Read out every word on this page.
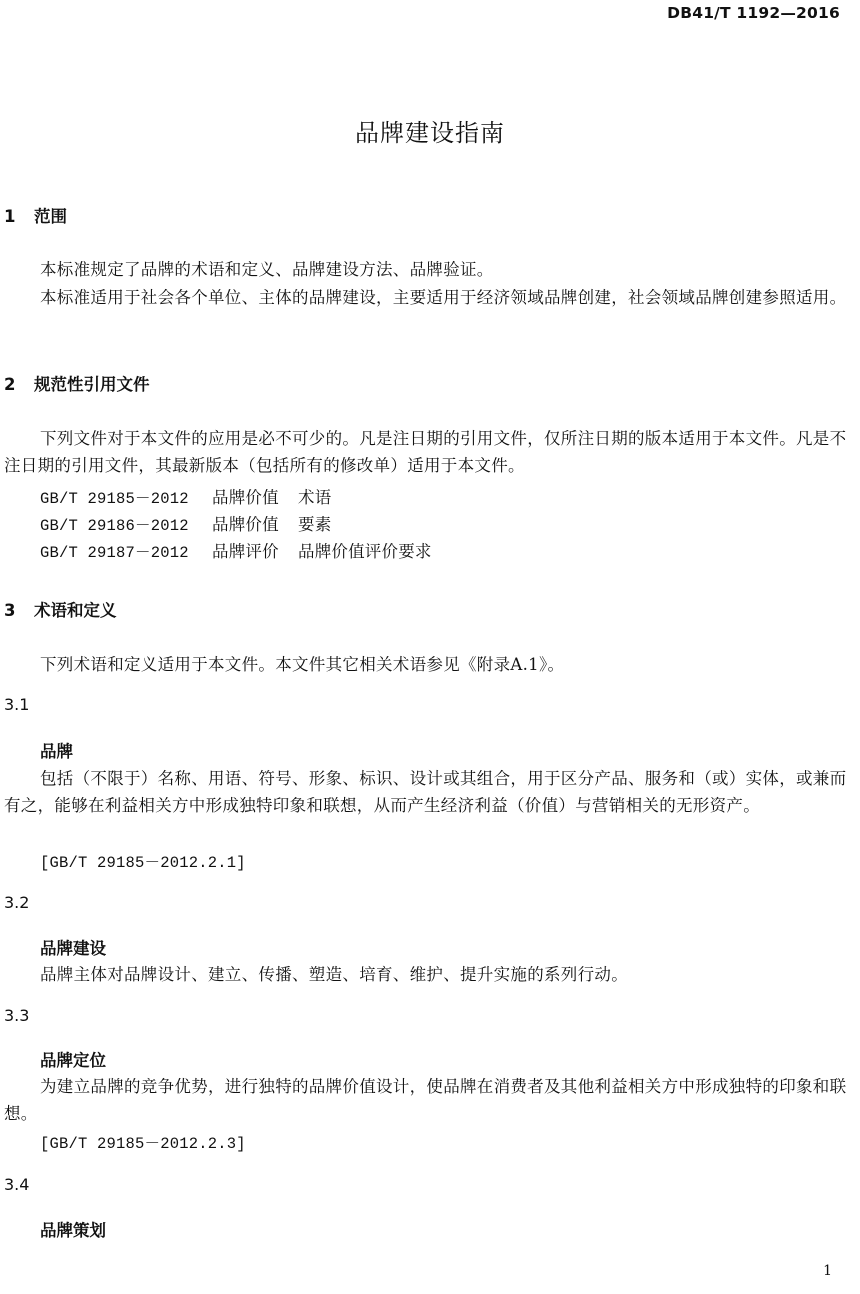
DB41/T 1192—2016
品牌建设指南
1 范围
本标准规定了品牌的术语和定义、品牌建设方法、品牌验证。
本标准适用于社会各个单位、主体的品牌建设，主要适用于经济领域品牌创建，社会领域品牌创建参照适用。
2 规范性引用文件
下列文件对于本文件的应用是必不可少的。凡是注日期的引用文件，仅所注日期的版本适用于本文件。凡是不注日期的引用文件，其最新版本（包括所有的修改单）适用于本文件。
GB/T 29185－2012 品牌价值 术语
GB/T 29186－2012 品牌价值 要素
GB/T 29187－2012 品牌评价 品牌价值评价要求
3 术语和定义
下列术语和定义适用于本文件。本文件其它相关术语参见《附录A.1》。
3.1
品牌
包括（不限于）名称、用语、符号、形象、标识、设计或其组合，用于区分产品、服务和（或）实体，或兼而有之，能够在利益相关方中形成独特印象和联想，从而产生经济利益（价值）与营销相关的无形资产。
[GB/T 29185－2012.2.1]
3.2
品牌建设
品牌主体对品牌设计、建立、传播、塑造、培育、维护、提升实施的系列行动。
3.3
品牌定位
为建立品牌的竞争优势，进行独特的品牌价值设计，使品牌在消费者及其他利益相关方中形成独特的印象和联想。
[GB/T 29185－2012.2.3]
3.4
品牌策划
1
